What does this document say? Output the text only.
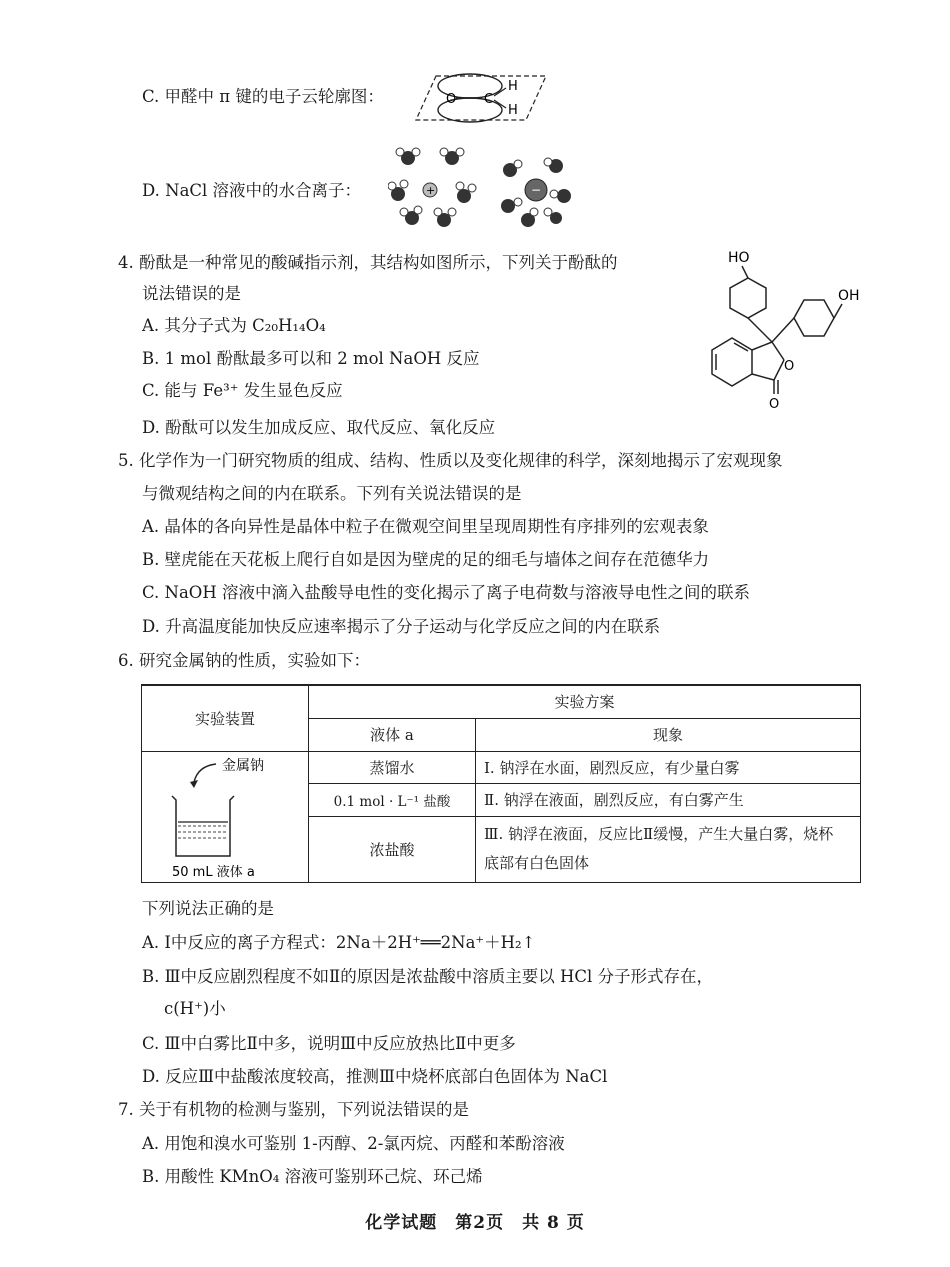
C. 甲醛中 π 键的电子云轮廓图：	O C
H
H
D. NaCl 溶液中的水合离子：	+	−
4. 酚酞是一种常见的酸碱指示剂，其结构如图所示，下列关于酚酞的
说法错误的是
A. 其分子式为 C₂₀H₁₄O₄
B. 1 mol 酚酞最多可以和 2 mol NaOH 反应
C. 能与 Fe³⁺ 发生显色反应
D. 酚酞可以发生加成反应、取代反应、氧化反应
HO
OH
O
O
5. 化学作为一门研究物质的组成、结构、性质以及变化规律的科学，深刻地揭示了宏观现象
与微观结构之间的内在联系。下列有关说法错误的是
A. 晶体的各向异性是晶体中粒子在微观空间里呈现周期性有序排列的宏观表象
B. 壁虎能在天花板上爬行自如是因为壁虎的足的细毛与墙体之间存在范德华力
C. NaOH 溶液中滴入盐酸导电性的变化揭示了离子电荷数与溶液导电性之间的联系
D. 升高温度能加快反应速率揭示了分子运动与化学反应之间的内在联系
6. 研究金属钠的性质，实验如下：
实验装置	实验方案	
	液体 a	现象

金属钠
50 mL 液体 a	蒸馏水	Ⅰ. 钠浮在水面，剧烈反应，有少量白雾
	0.1 mol · L⁻¹ 盐酸	Ⅱ. 钠浮在液面，剧烈反应，有白雾产生
	浓盐酸	Ⅲ. 钠浮在液面，反应比Ⅱ缓慢，产生大量白雾，烧杯
底部有白色固体
下列说法正确的是
A. Ⅰ中反应的离子方程式：2Na＋2H⁺══2Na⁺＋H₂↑
B. Ⅲ中反应剧烈程度不如Ⅱ的原因是浓盐酸中溶质主要以 HCl 分子形式存在，
c(H⁺)小
C. Ⅲ中白雾比Ⅱ中多，说明Ⅲ中反应放热比Ⅱ中更多
D. 反应Ⅲ中盐酸浓度较高，推测Ⅲ中烧杯底部白色固体为 NaCl
7. 关于有机物的检测与鉴别，下列说法错误的是
A. 用饱和溴水可鉴别 1-丙醇、2-氯丙烷、丙醛和苯酚溶液
B. 用酸性 KMnO₄ 溶液可鉴别环己烷、环己烯
化学试题　第2页　共 8 页
